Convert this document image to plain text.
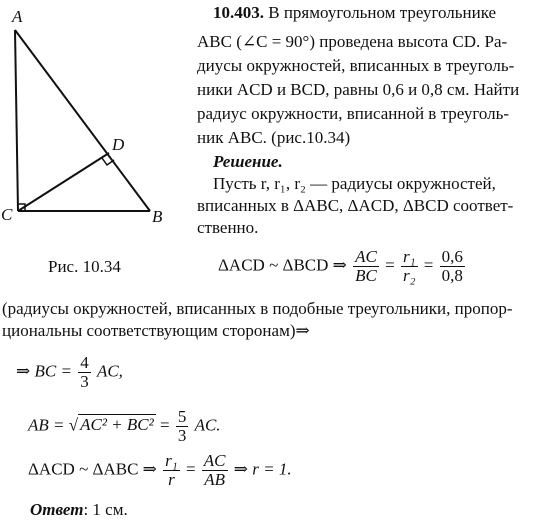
A
D
C	B
Рис. 10.34
10.403. В прямоугольном треугольнике
ABC (∠C = 90°) проведена высота CD. Ра-
диусы окружностей, вписанных в треуголь-
ники ACD и BCD, равны 0,6 и 0,8 см. Найти
радиус окружности, вписанной в треуголь-
ник ABC. (рис.10.34)
Решение.
Пусть r, r₁, r₂ — радиусы окружностей,
вписанных в ΔABC, ΔACD, ΔBCD соответ-
ственно.
ΔACD ~ ΔBCD ⇒ $\frac{AC}{BC} = \frac{\text{r₁}}{\text{r₂}} = \frac{0,6}{0,8}$
(радиусы окружностей, вписанных в подобные треугольники, пропор-
циональны соответствующим сторонам)⇒
⇒ BC = $\frac{4}{3}$ AC,
AB = √ $AC^2 + BC^2 = \frac{5}{3}$ AC.
ΔACD ~ ΔABC ⇒ $\frac{\text{r₁}}{r} = \frac{AC}{AB}$ ⇒ r = 1.
Ответ: 1 см.
